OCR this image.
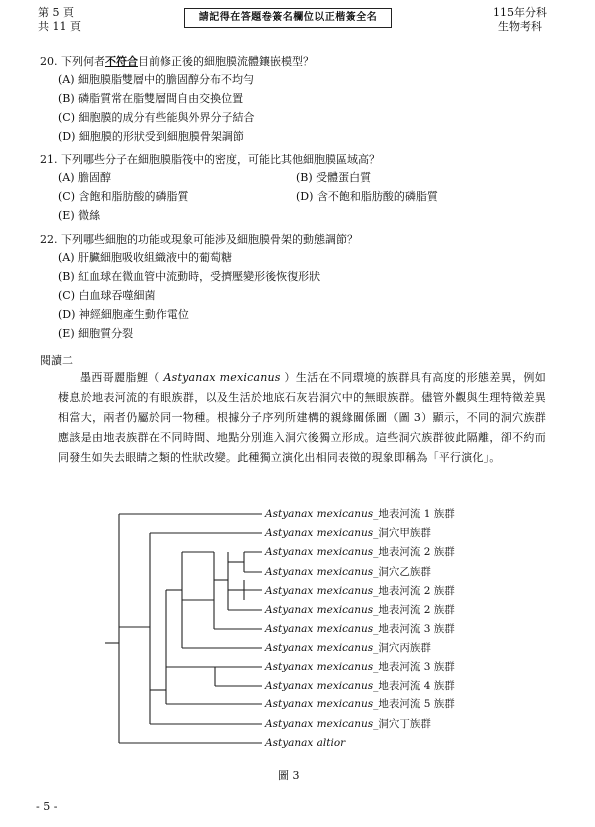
第 5 頁
共 11 頁
請記得在答題卷簽名欄位以正楷簽全名	115年分科
生物考科
20. 下列何者不符合目前修正後的細胞膜流體鑲嵌模型？
(A) 細胞膜脂雙層中的膽固醇分布不均勻
(B) 磷脂質常在脂雙層間自由交換位置
(C) 細胞膜的成分有些能與外界分子結合
(D) 細胞膜的形狀受到細胞膜骨架調節
21. 下列哪些分子在細胞膜脂筏中的密度，可能比其他細胞膜區域高？
(A) 膽固醇	(B) 受體蛋白質
(C) 含飽和脂肪酸的磷脂質	(D) 含不飽和脂肪酸的磷脂質
(E) 微絲
22. 下列哪些細胞的功能或現象可能涉及細胞膜骨架的動態調節？
(A) 肝臟細胞吸收組織液中的葡萄糖
(B) 紅血球在微血管中流動時，受擠壓變形後恢復形狀
(C) 白血球吞噬細菌
(D) 神經細胞產生動作電位
(E) 細胞質分裂
閱讀二

墨西哥麗脂鯉（ Astyanax mexicanus ）生活在不同環境的族群具有高度的形態差異，例如棲息於地表河流的有眼族群，以及生活於地底石灰岩洞穴中的無眼族群。儘管外觀與生理特徵差異相當大，兩者仍屬於同一物種。根據分子序列所建構的親緣關係圖（圖 3）顯示，不同的洞穴族群應該是由地表族群在不同時間、地點分別進入洞穴後獨立形成。這些洞穴族群彼此隔離，卻不約而同發生如失去眼睛之類的性狀改變。此種獨立演化出相同表徵的現象即稱為「平行演化」。

Astyanax mexicanus_地表河流 1 族群
Astyanax mexicanus_洞穴甲族群
Astyanax mexicanus_地表河流 2 族群
Astyanax mexicanus_洞穴乙族群
Astyanax mexicanus_地表河流 2 族群
Astyanax mexicanus_地表河流 2 族群
Astyanax mexicanus_地表河流 3 族群
Astyanax mexicanus_洞穴丙族群
Astyanax mexicanus_地表河流 3 族群
Astyanax mexicanus_地表河流 4 族群
Astyanax mexicanus_地表河流 5 族群
Astyanax mexicanus_洞穴丁族群
Astyanax altior
圖 3
- 5 -
